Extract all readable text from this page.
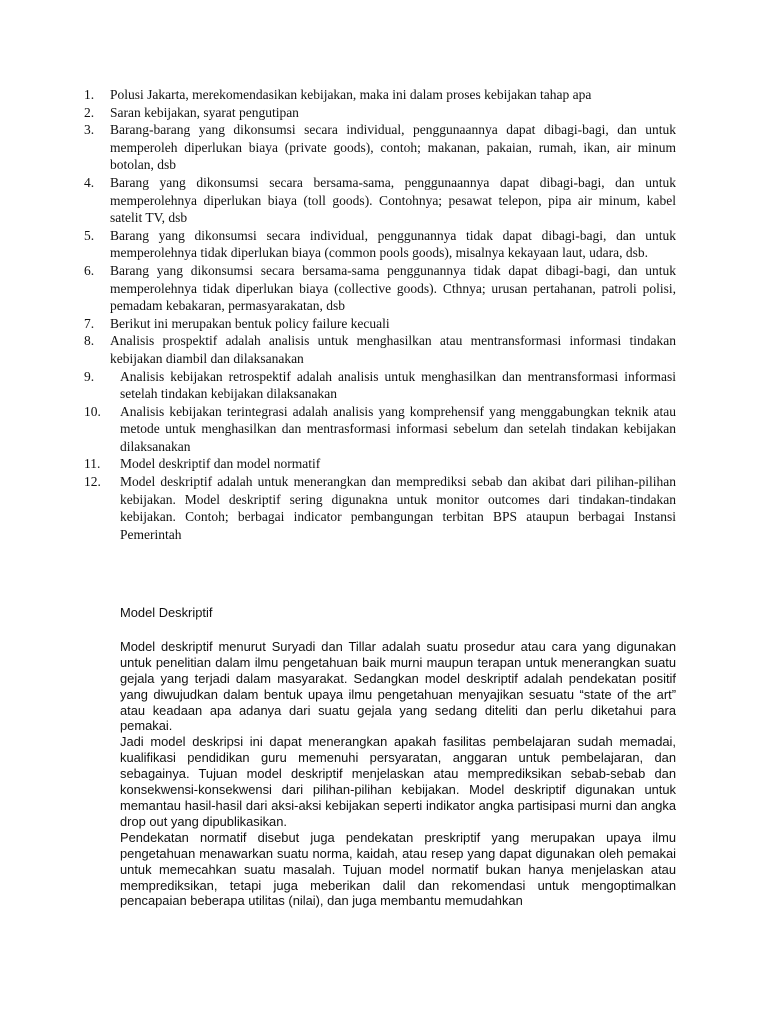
1.	Polusi Jakarta, merekomendasikan kebijakan, maka ini dalam proses kebijakan tahap apa
2.	Saran kebijakan, syarat pengutipan
3.	Barang-barang yang dikonsumsi secara individual, penggunaannya dapat dibagi-bagi, dan untuk memperoleh diperlukan biaya (private goods), contoh; makanan, pakaian, rumah, ikan, air minum botolan, dsb
4.	Barang yang dikonsumsi secara bersama-sama, penggunaannya dapat dibagi-bagi, dan untuk memperolehnya diperlukan biaya (toll goods). Contohnya; pesawat telepon, pipa air minum, kabel satelit TV, dsb
5.	Barang yang dikonsumsi secara individual, penggunannya tidak dapat dibagi-bagi, dan untuk memperolehnya tidak diperlukan biaya (common pools goods), misalnya kekayaan laut, udara, dsb.
6.	Barang yang dikonsumsi secara bersama-sama penggunannya tidak dapat dibagi-bagi, dan untuk memperolehnya tidak diperlukan biaya (collective goods). Cthnya; urusan pertahanan, patroli polisi, pemadam kebakaran, permasyarakatan, dsb
7.	Berikut ini merupakan bentuk policy failure kecuali
8.	Analisis prospektif adalah analisis untuk menghasilkan atau mentransformasi informasi tindakan kebijakan diambil dan dilaksanakan
9.	Analisis kebijakan retrospektif adalah analisis untuk menghasilkan dan mentransformasi informasi setelah tindakan kebijakan dilaksanakan
10.	Analisis kebijakan terintegrasi adalah analisis yang komprehensif yang menggabungkan teknik atau metode untuk menghasilkan dan mentrasformasi informasi sebelum dan setelah tindakan kebijakan dilaksanakan
11.	Model deskriptif dan model normatif
12.	Model deskriptif adalah untuk menerangkan dan memprediksi sebab dan akibat dari pilihan-pilihan kebijakan. Model deskriptif sering digunakna untuk monitor outcomes dari tindakan-tindakan kebijakan. Contoh; berbagai indicator pembangungan terbitan BPS ataupun berbagai Instansi Pemerintah
Model Deskriptif

Model deskriptif menurut Suryadi dan Tillar adalah suatu prosedur atau cara yang digunakan untuk penelitian dalam ilmu pengetahuan baik murni maupun terapan untuk menerangkan suatu gejala yang terjadi dalam masyarakat. Sedangkan model deskriptif adalah pendekatan positif yang diwujudkan dalam bentuk upaya ilmu pengetahuan menyajikan sesuatu “state of the art” atau keadaan apa adanya dari suatu gejala yang sedang diteliti dan perlu diketahui para pemakai.

Jadi model deskripsi ini dapat menerangkan apakah fasilitas pembelajaran sudah memadai, kualifikasi pendidikan guru memenuhi persyaratan, anggaran untuk pembelajaran, dan sebagainya. Tujuan model deskriptif menjelaskan atau memprediksikan sebab-sebab dan konsekwensi-konsekwensi dari pilihan-pilihan kebijakan. Model deskriptif digunakan untuk memantau hasil-hasil dari aksi-aksi kebijakan seperti indikator angka partisipasi murni dan angka drop out yang dipublikasikan.

Pendekatan normatif disebut juga pendekatan preskriptif yang merupakan upaya ilmu pengetahuan menawarkan suatu norma, kaidah, atau resep yang dapat digunakan oleh pemakai untuk memecahkan suatu masalah. Tujuan model normatif bukan hanya menjelaskan atau memprediksikan, tetapi juga meberikan dalil dan rekomendasi untuk mengoptimalkan pencapaian beberapa utilitas (nilai), dan juga membantu memudahkan
